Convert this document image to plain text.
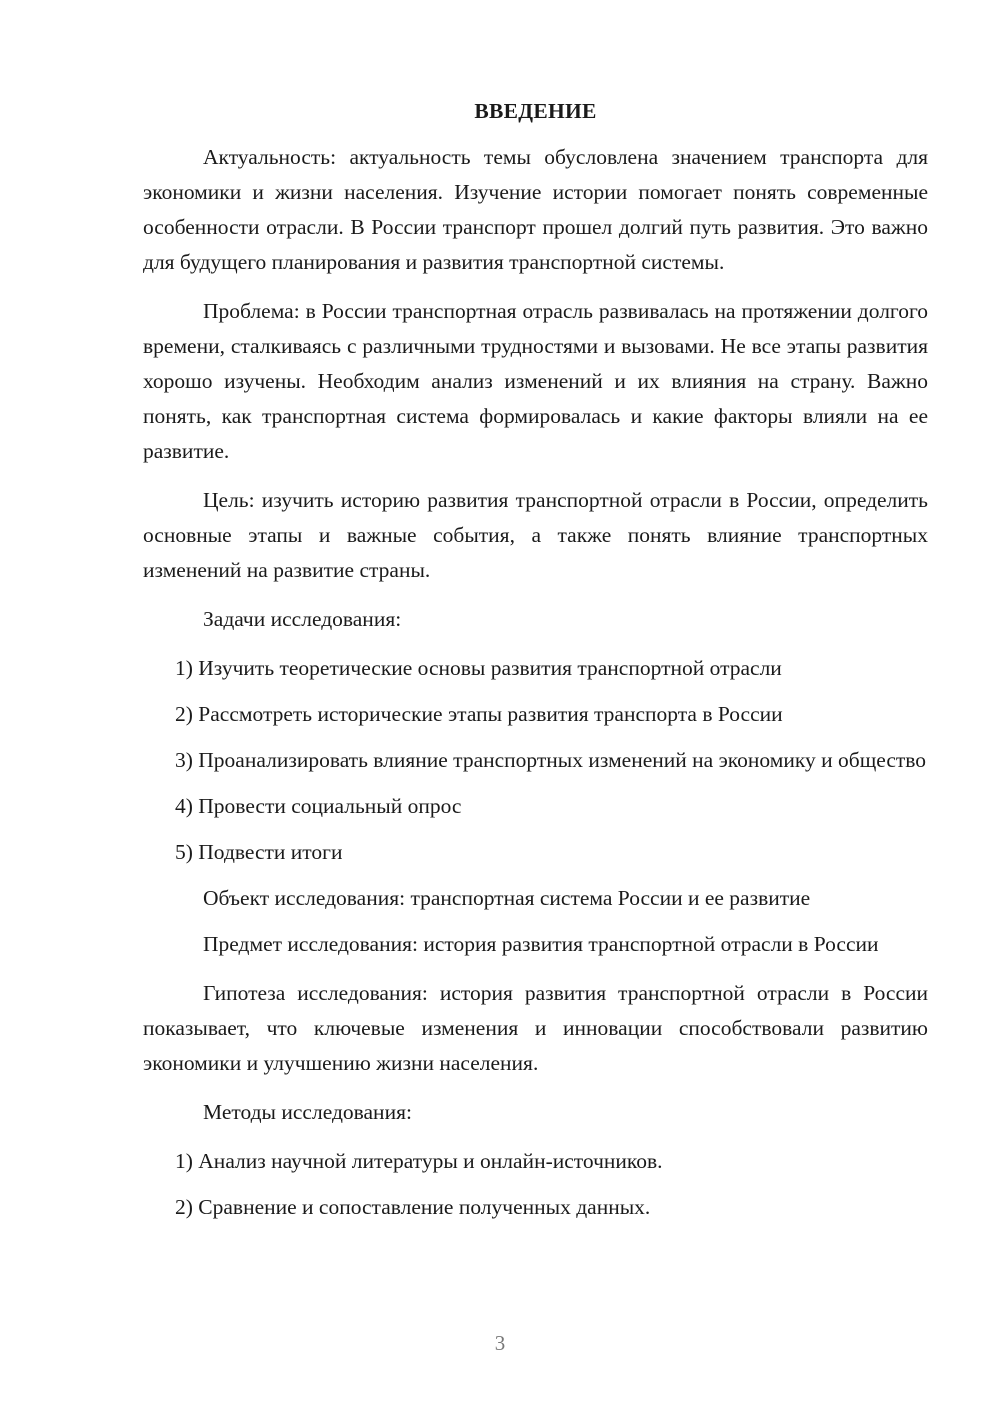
ВВЕДЕНИЕ

Актуальность: актуальность темы обусловлена значением транспорта для экономики и жизни населения. Изучение истории помогает понять современные особенности отрасли. В России транспорт прошел долгий путь развития. Это важно для будущего планирования и развития транспортной системы.

Проблема: в России транспортная отрасль развивалась на протяжении долгого времени, сталкиваясь с различными трудностями и вызовами. Не все этапы развития хорошо изучены. Необходим анализ изменений и их влияния на страну. Важно понять, как транспортная система формировалась и какие факторы влияли на ее развитие.

Цель: изучить историю развития транспортной отрасли в России, определить основные этапы и важные события, а также понять влияние транспортных изменений на развитие страны.

Задачи исследования:

1) Изучить теоретические основы развития транспортной отрасли

2) Рассмотреть исторические этапы развития транспорта в России

3) Проанализировать влияние транспортных изменений на экономику и общество

4) Провести социальный опрос

5) Подвести итоги

Объект исследования: транспортная система России и ее развитие

Предмет исследования: история развития транспортной отрасли в России

Гипотеза исследования: история развития транспортной отрасли в России показывает, что ключевые изменения и инновации способствовали развитию экономики и улучшению жизни населения.

Методы исследования:

1) Анализ научной литературы и онлайн-источников.

2) Сравнение и сопоставление полученных данных.

3
